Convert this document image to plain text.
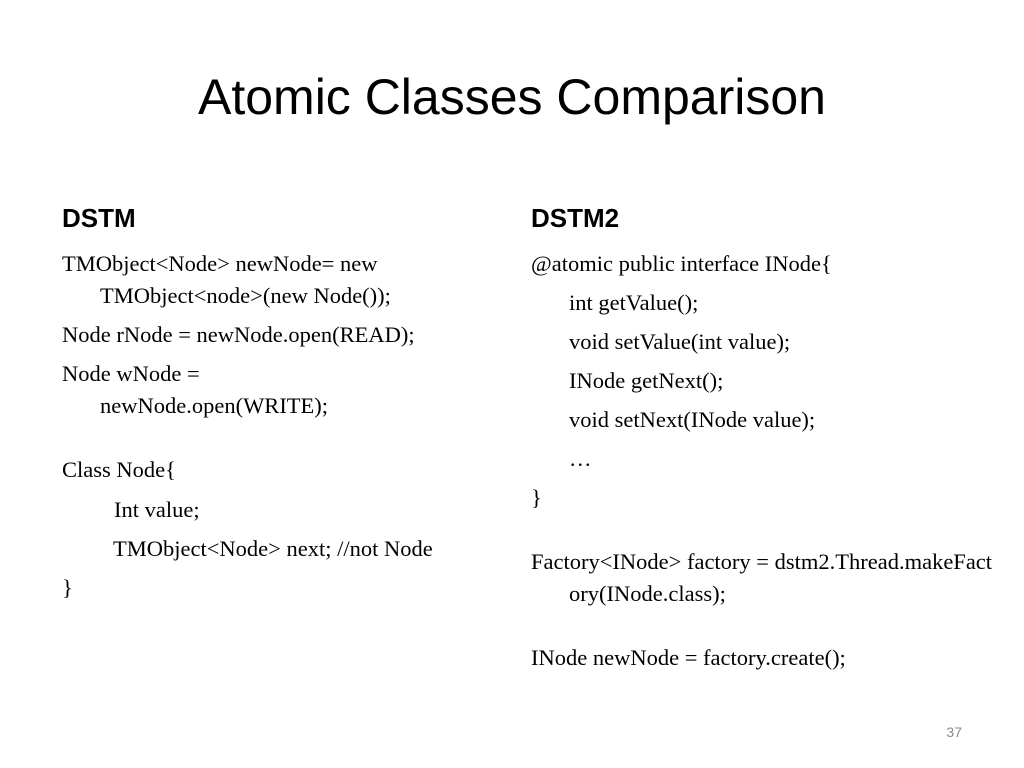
Atomic Classes Comparison
DSTM	DSTM2
TMObject<Node> newNode= new TMObject<node>(new Node());
Node rNode = newNode.open(READ);
Node wNode = newNode.open(WRITE);
Class Node{
Int value;
TMObject<Node> next; //not Node
}
@atomic public interface INode{
int getValue();
void setValue(int value);
INode getNext();
void setNext(INode value);
…
}
Factory<INode> factory = dstm2.Thread.makeFactory(INode.class);
INode newNode = factory.create();
37
